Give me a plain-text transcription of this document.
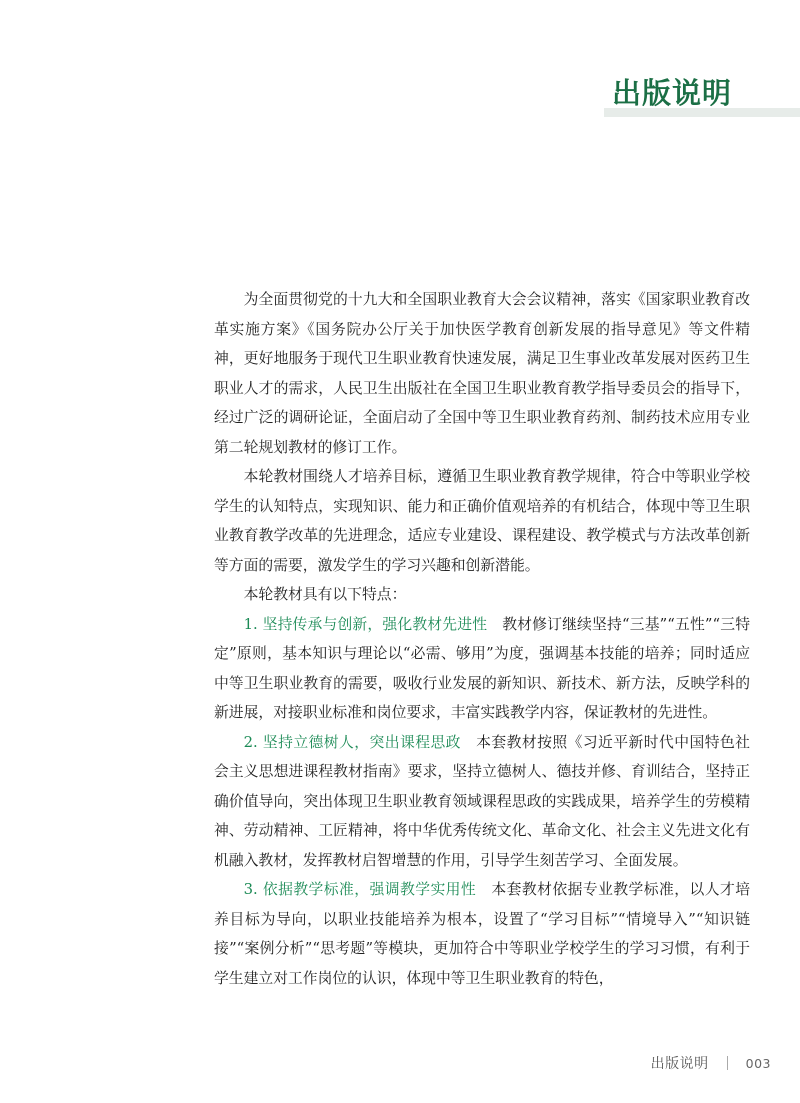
出版说明

为全面贯彻党的十九大和全国职业教育大会会议精神，落实《国家职业教育改革实施方案》《国务院办公厅关于加快医学教育创新发展的指导意见》等文件精神，更好地服务于现代卫生职业教育快速发展，满足卫生事业改革发展对医药卫生职业人才的需求，人民卫生出版社在全国卫生职业教育教学指导委员会的指导下，经过广泛的调研论证，全面启动了全国中等卫生职业教育药剂、制药技术应用专业第二轮规划教材的修订工作。

本轮教材围绕人才培养目标，遵循卫生职业教育教学规律，符合中等职业学校学生的认知特点，实现知识、能力和正确价值观培养的有机结合，体现中等卫生职业教育教学改革的先进理念，适应专业建设、课程建设、教学模式与方法改革创新等方面的需要，激发学生的学习兴趣和创新潜能。

本轮教材具有以下特点：

1. 坚持传承与创新，强化教材先进性　 教材修订继续坚持“三基”“五性”“三特定”原则，基本知识与理论以“必需、够用”为度，强调基本技能的培养；同时适应中等卫生职业教育的需要，吸收行业发展的新知识、新技术、新方法，反映学科的新进展，对接职业标准和岗位要求，丰富实践教学内容，保证教材的先进性。

2. 坚持立德树人，突出课程思政　 本套教材按照《习近平新时代中国特色社会主义思想进课程教材指南》要求，坚持立德树人、德技并修、育训结合，坚持正确价值导向，突出体现卫生职业教育领域课程思政的实践成果，培养学生的劳模精神、劳动精神、工匠精神，将中华优秀传统文化、革命文化、社会主义先进文化有机融入教材，发挥教材启智增慧的作用，引导学生刻苦学习、全面发展。

3. 依据教学标准，强调教学实用性　 本套教材依据专业教学标准，以人才培养目标为导向，以职业技能培养为根本，设置了“学习目标”“情境导入”“知识链接”“案例分析”“思考题”等模块，更加符合中等职业学校学生的学习习惯，有利于学生建立对工作岗位的认识，体现中等卫生职业教育的特色，

出版说明	003
